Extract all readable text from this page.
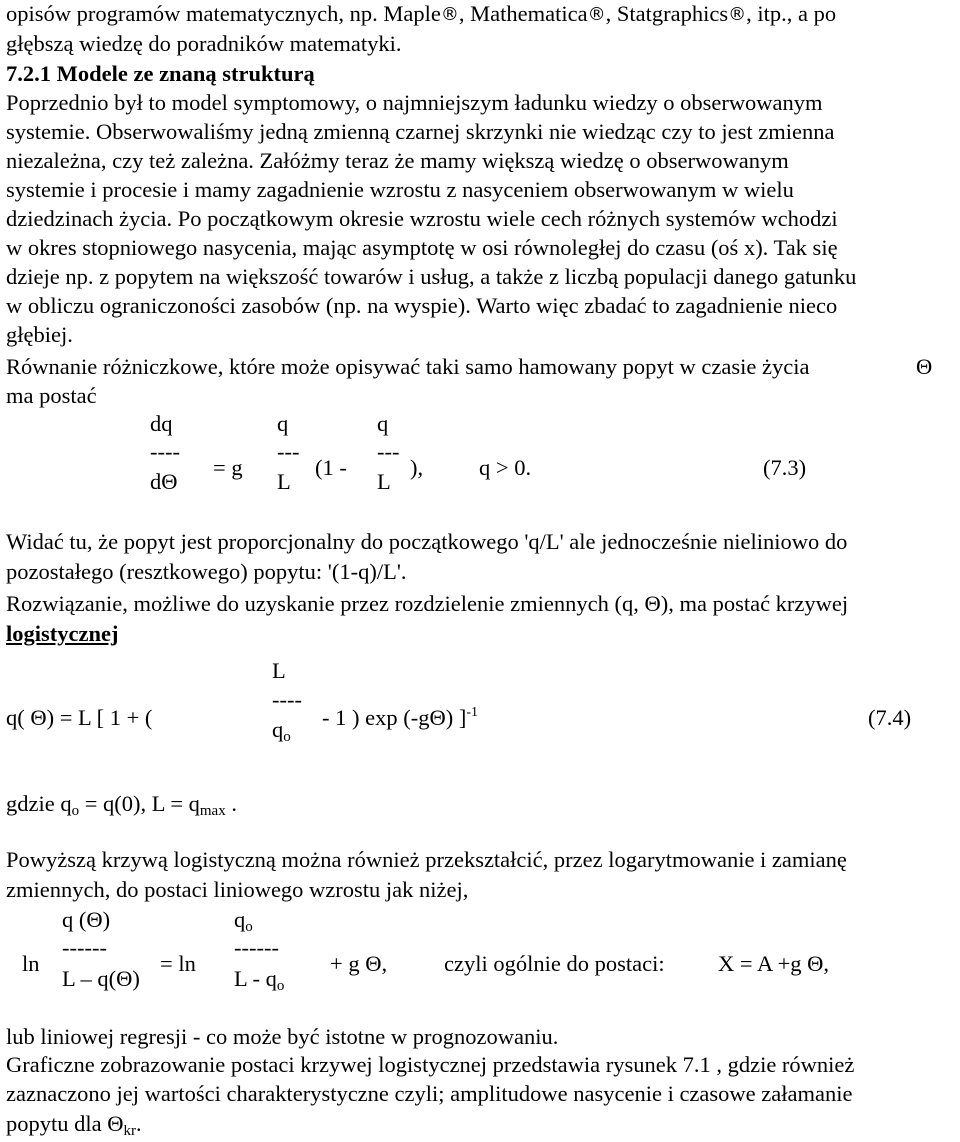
opisów programów matematycznych, np. Maple®, Mathematica®, Statgraphics®, itp., a po
głębszą wiedzę do poradników matematyki.
7.2.1 Modele ze znaną strukturą
Poprzednio był to model symptomowy, o najmniejszym ładunku wiedzy o obserwowanym
systemie. Obserwowaliśmy jedną zmienną czarnej skrzynki nie wiedząc czy to jest zmienna
niezależna, czy też zależna. Załóżmy teraz że mamy większą wiedzę o obserwowanym
systemie i procesie i mamy zagadnienie wzrostu z nasyceniem obserwowanym w wielu
dziedzinach życia. Po początkowym okresie wzrostu wiele cech różnych systemów wchodzi
w okres stopniowego nasycenia, mając asymptotę w osi równoległej do czasu (oś x). Tak się
dzieje np. z popytem na większość towarów i usług, a także z liczbą populacji danego gatunku
w obliczu ograniczoności zasobów (np. na wyspie). Warto więc zbadać to zagadnienie nieco
głębiej.
Równanie różniczkowe, które może opisywać taki samo hamowany popyt w czasie życia	Θ
ma postać
dq
----
dΘ
= g
q
---
L
(1 -
q
---
L
), q > 0.	(7.3)
Widać tu, że popyt jest proporcjonalny do początkowego 'q/L' ale jednocześnie nieliniowo do
pozostałego (resztkowego) popytu: '(1-q)/L'.
Rozwiązanie, możliwe do uzyskanie przez rozdzielenie zmiennych (q, Θ), ma postać krzywej
logistycznej
q( Θ) = L [ 1 + (
L
----
$q_o$
- 1 ) exp (-gΘ) ]$^{-1}$	(7.4)
gdzie $q_o = q(0)$, $L = q_{max}$ .
Powyższą krzywą logistyczną można również przekształcić, przez logarytmowanie i zamianę
zmiennych, do postaci liniowego wzrostu jak niżej,
q (Θ)
------
L – q(Θ)
ln	= ln
$q_o$
------
L - $q_o$
+ g Θ,	czyli ogólnie do postaci: X = A +g Θ,
lub liniowej regresji - co może być istotne w prognozowaniu.
Graficzne zobrazowanie postaci krzywej logistycznej przedstawia rysunek 7.1 , gdzie również
zaznaczono jej wartości charakterystyczne czyli; amplitudowe nasycenie i czasowe załamanie
popytu dla $\Theta_{kr}$.
